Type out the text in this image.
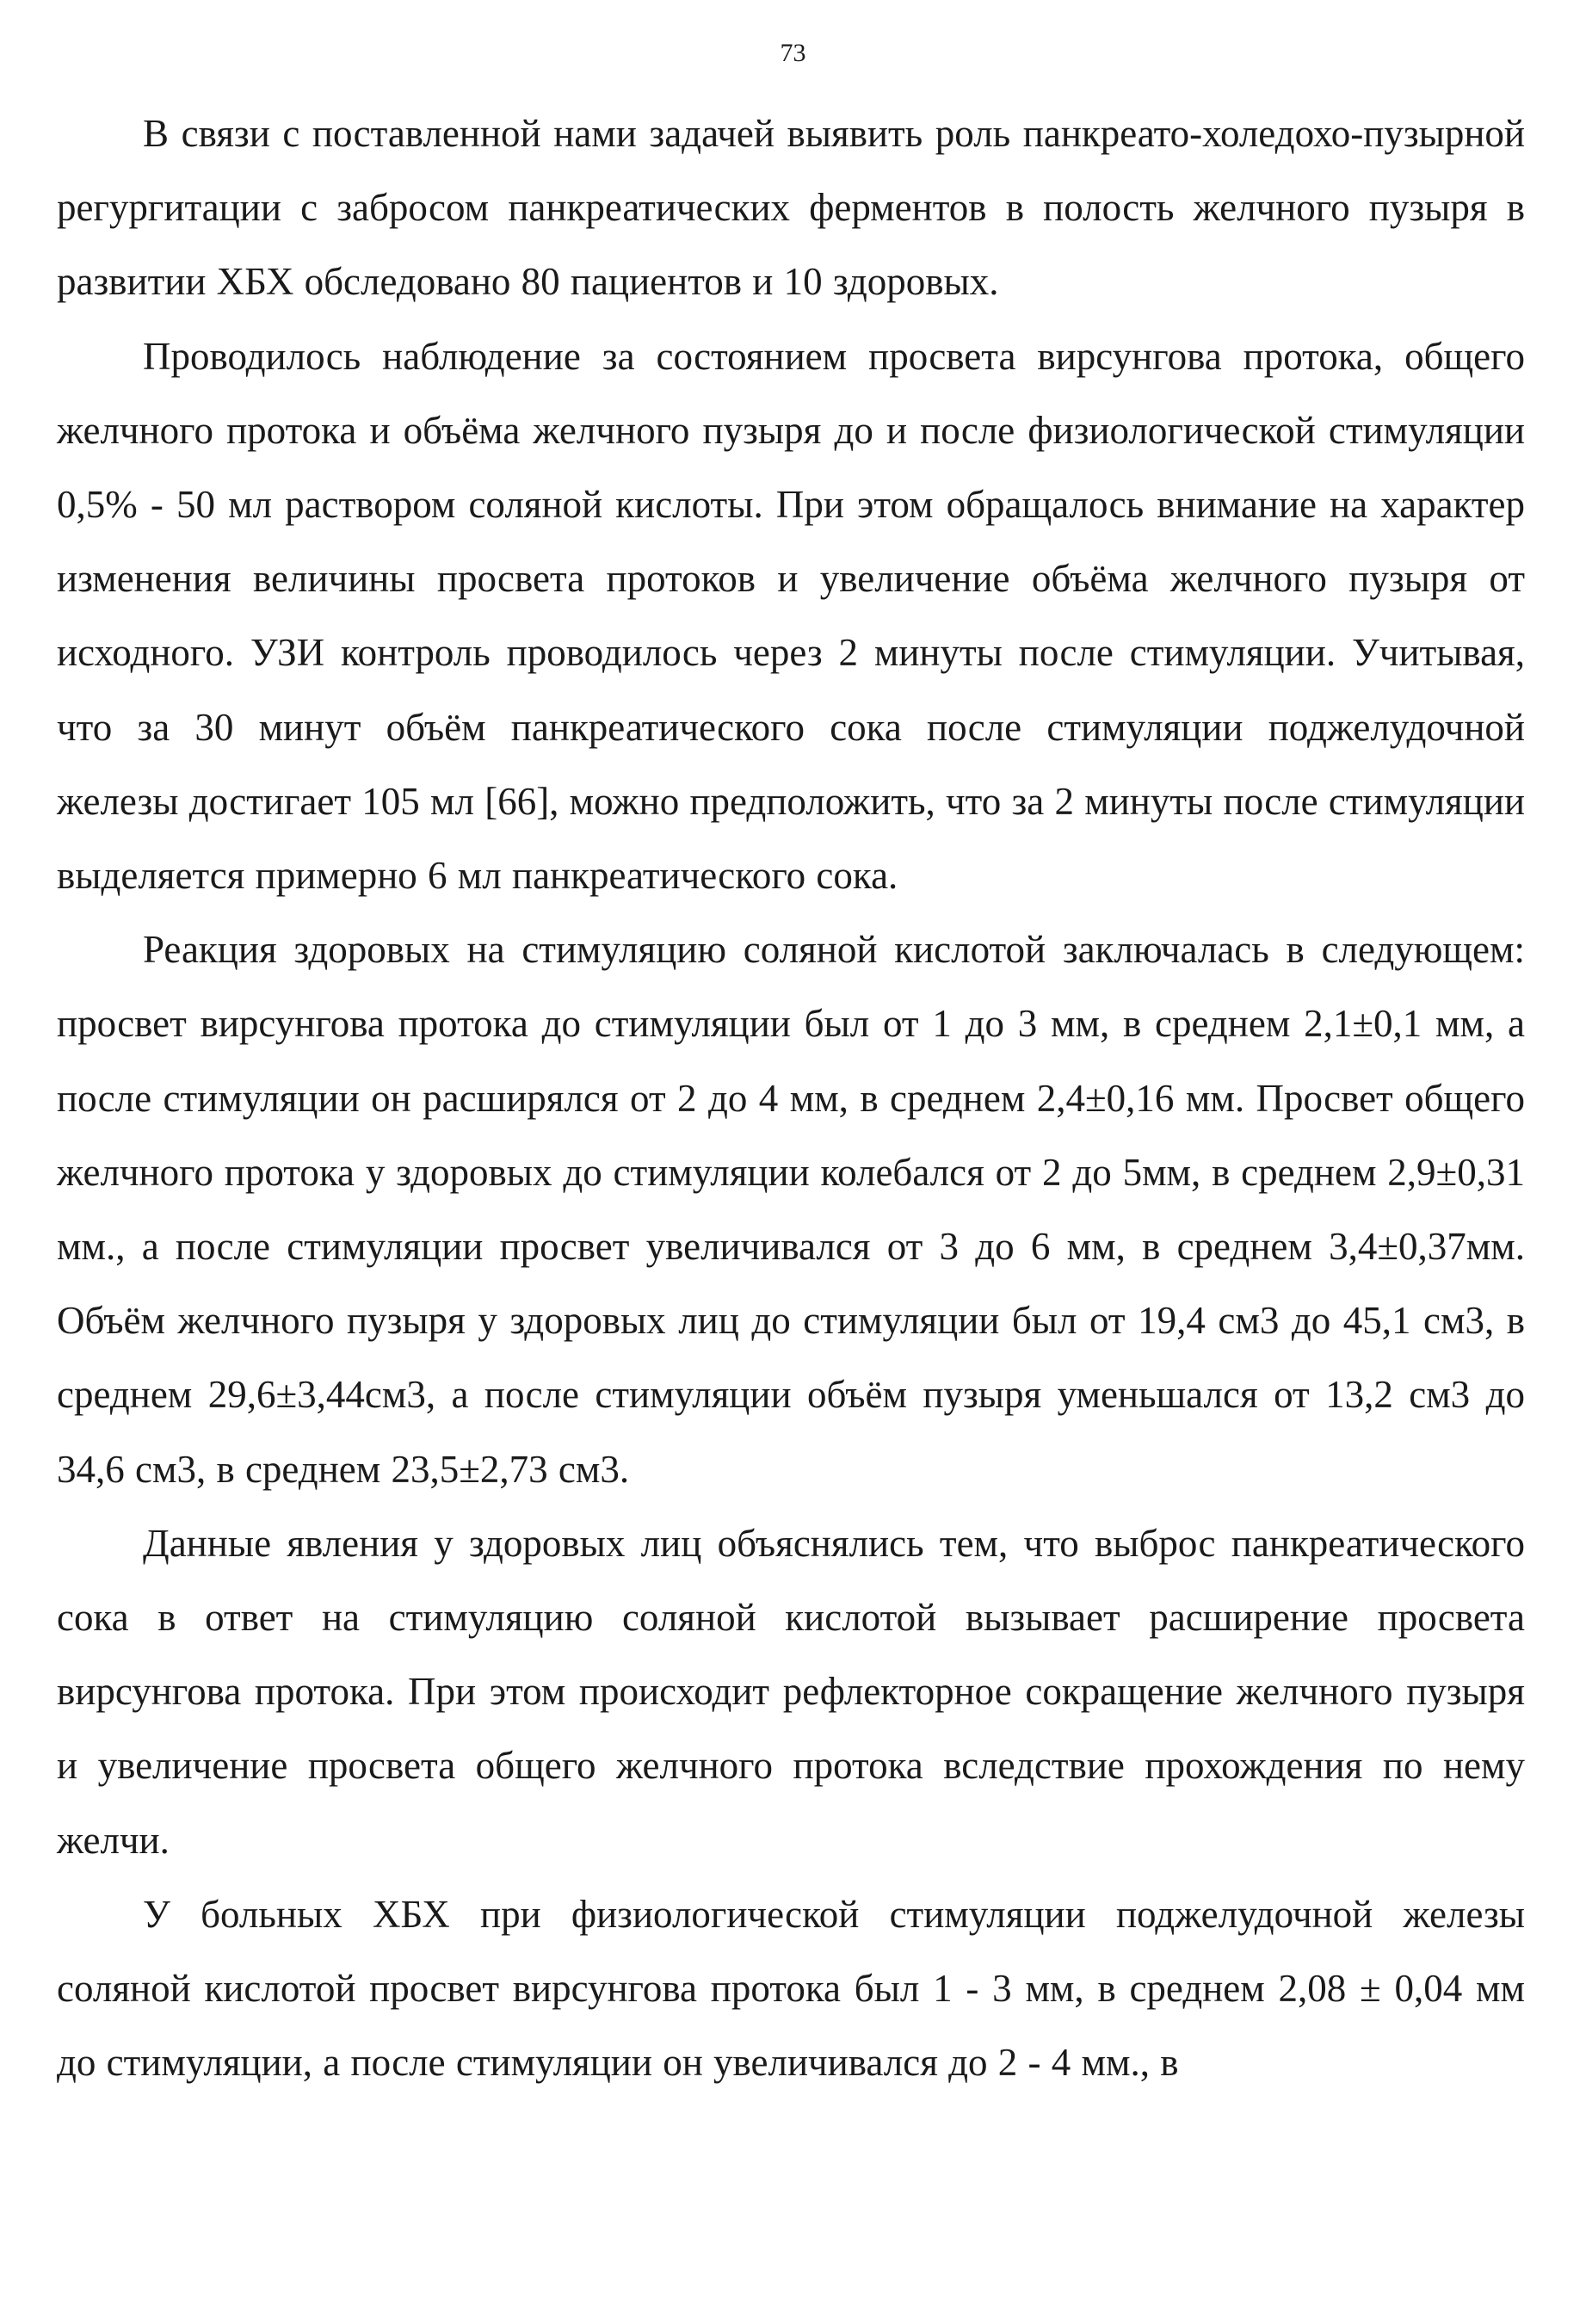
73

В связи с поставленной нами задачей выявить роль панкреато-холедохо-пузырной регургитации с забросом панкреатических ферментов в полость желчного пузыря в развитии ХБХ обследовано 80 пациентов и 10 здоровых.

Проводилось наблюдение за состоянием просвета вирсунгова протока, общего желчного протока и объёма желчного пузыря до и после физиологической стимуляции 0,5% - 50 мл раствором соляной кислоты. При этом обращалось внимание на характер изменения величины просвета протоков и увеличение объёма желчного пузыря от исходного. УЗИ контроль проводилось через 2 минуты после стимуляции. Учитывая, что за 30 минут объём панкреатического сока после стимуляции поджелудочной железы достигает 105 мл [66], можно предположить, что за 2 минуты после стимуляции выделяется примерно 6 мл панкреатического сока.

Реакция здоровых на стимуляцию соляной кислотой заключалась в следующем: просвет вирсунгова протока до стимуляции был от 1 до 3 мм, в среднем 2,1±0,1 мм, а после стимуляции он расширялся от 2 до 4 мм, в среднем 2,4±0,16 мм. Просвет общего желчного протока у здоровых до стимуляции колебался от 2 до 5мм, в среднем 2,9±0,31 мм., а после стимуляции просвет увеличивался от 3 до 6 мм, в среднем 3,4±0,37мм. Объём желчного пузыря у здоровых лиц до стимуляции был от 19,4 см3 до 45,1 см3, в среднем 29,6±3,44см3, а после стимуляции объём пузыря уменьшался от 13,2 см3 до 34,6 см3, в среднем 23,5±2,73 см3.

Данные явления у здоровых лиц объяснялись тем, что выброс панкреатического сока в ответ на стимуляцию соляной кислотой вызывает расширение просвета вирсунгова протока. При этом происходит рефлекторное сокращение желчного пузыря и увеличение просвета общего желчного протока вследствие прохождения по нему желчи.

У больных ХБХ при физиологической стимуляции поджелудочной железы соляной кислотой просвет вирсунгова протока был 1 - 3 мм, в среднем 2,08 ± 0,04 мм до стимуляции, а после стимуляции он увеличивался до 2 - 4 мм., в
